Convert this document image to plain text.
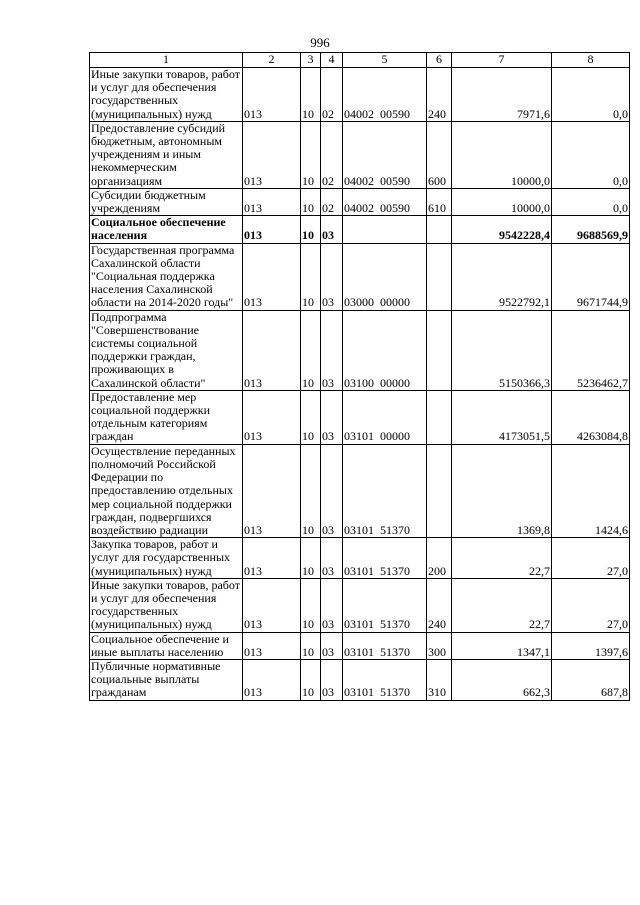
996
1	2	3	4	5	6	7	8
Иные закупки товаров, работ и услуг для обеспечения государственных (муниципальных) нужд	013	10	02	04002 00590	240	7971,6	0,0
Предоставление субсидий бюджетным, автономным учреждениям и иным некоммерческим организациям	013	10	02	04002 00590	600	10000,0	0,0
Субсидии бюджетным учреждениям	013	10	02	04002 00590	610	10000,0	0,0
Социальное обеспечение населения	013	10	03			9542228,4	9688569,9
Государственная программа Сахалинской области "Социальная поддержка населения Сахалинской области на 2014-2020 годы"	013	10	03	03000 00000		9522792,1	9671744,9
Подпрограмма "Совершенствование системы социальной поддержки граждан, проживающих в Сахалинской области"	013	10	03	03100 00000		5150366,3	5236462,7
Предоставление мер социальной поддержки отдельным категориям граждан	013	10	03	03101 00000		4173051,5	4263084,8
Осуществление переданных полномочий Российской Федерации по предоставлению отдельных мер социальной поддержки граждан, подвергшихся воздействию радиации	013	10	03	03101 51370		1369,8	1424,6
Закупка товаров, работ и услуг для государственных (муниципальных) нужд	013	10	03	03101 51370	200	22,7	27,0
Иные закупки товаров, работ и услуг для обеспечения государственных (муниципальных) нужд	013	10	03	03101 51370	240	22,7	27,0
Социальное обеспечение и иные выплаты населению	013	10	03	03101 51370	300	1347,1	1397,6
Публичные нормативные социальные выплаты гражданам	013	10	03	03101 51370	310	662,3	687,8
